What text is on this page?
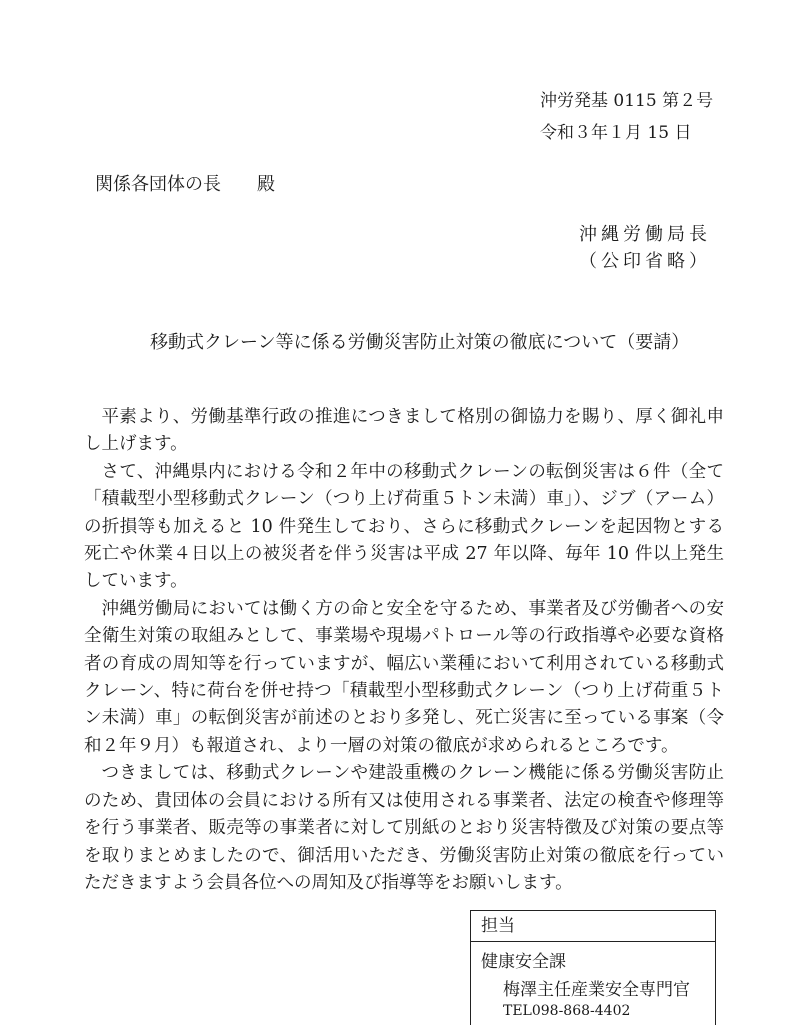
沖労発基 0115 第２号
令和３年１月 15 日
関係各団体の長　　殿
沖縄労働局長
（公印省略）
移動式クレーン等に係る労働災害防止対策の徹底について（要請）

平素より、労働基準行政の推進につきまして格別の御協力を賜り、厚く御礼申し上げます。

さて、沖縄県内における令和２年中の移動式クレーンの転倒災害は６件（全て「積載型小型移動式クレーン（つり上げ荷重５トン未満）車」）、ジブ（アーム）の折損等も加えると 10 件発生しており、さらに移動式クレーンを起因物とする死亡や休業４日以上の被災者を伴う災害は平成 27 年以降、毎年 10 件以上発生しています。

沖縄労働局においては働く方の命と安全を守るため、事業者及び労働者への安全衛生対策の取組みとして、事業場や現場パトロール等の行政指導や必要な資格者の育成の周知等を行っていますが、幅広い業種において利用されている移動式クレーン、特に荷台を併せ持つ「積載型小型移動式クレーン（つり上げ荷重５トン未満）車」の転倒災害が前述のとおり多発し、死亡災害に至っている事案（令和２年９月）も報道され、より一層の対策の徹底が求められるところです。

つきましては、移動式クレーンや建設重機のクレーン機能に係る労働災害防止のため、貴団体の会員における所有又は使用される事業者、法定の検査や修理等を行う事業者、販売等の事業者に対して別紙のとおり災害特徴及び対策の要点等を取りまとめましたので、御活用いただき、労働災害防止対策の徹底を行っていただきますよう会員各位への周知及び指導等をお願いします。

担当
健康安全課
梅澤主任産業安全専門官
TEL098-868-4402
